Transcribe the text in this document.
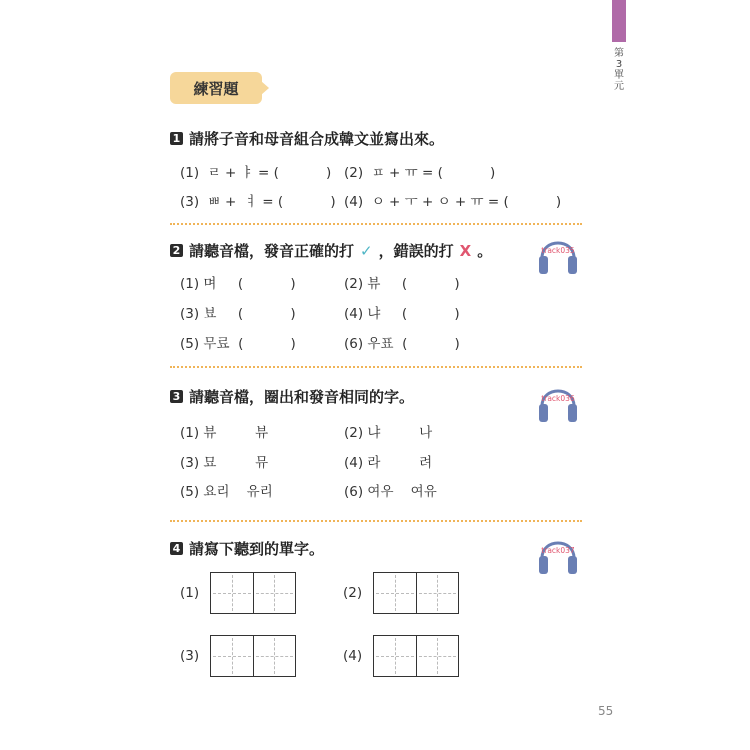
第
3
單
元
練習題
1 請將子音和母音組合成韓文並寫出來。
(1)  ㄹ + ㅑ = (           ) (2)  ㅍ + ㅠ = (           )
(3)  ㅃ +  ㅕ = (           ) (4)  ㅇ + ㅜ + ㅇ + ㅠ = (           )
2 請聽音檔，發音正確的打 ✓ ，錯誤的打 X 。	track035
(1) 며     (           )	(2) 뷰     (           )
(3) 뵤     (           )	(4) 냐     (           )
(5) 무료  (           )	(6) 우표  (           )
3 請聽音檔，圈出和發音相同的字。	track036
(1) 뷰         뷰	(2) 냐         나
(3) 묘         뮤	(4) 라         려
(5) 요리    유리	(6) 여우    여유
4 請寫下聽到的單字。	track037
(1)	(2)
(3)	(4)
55
